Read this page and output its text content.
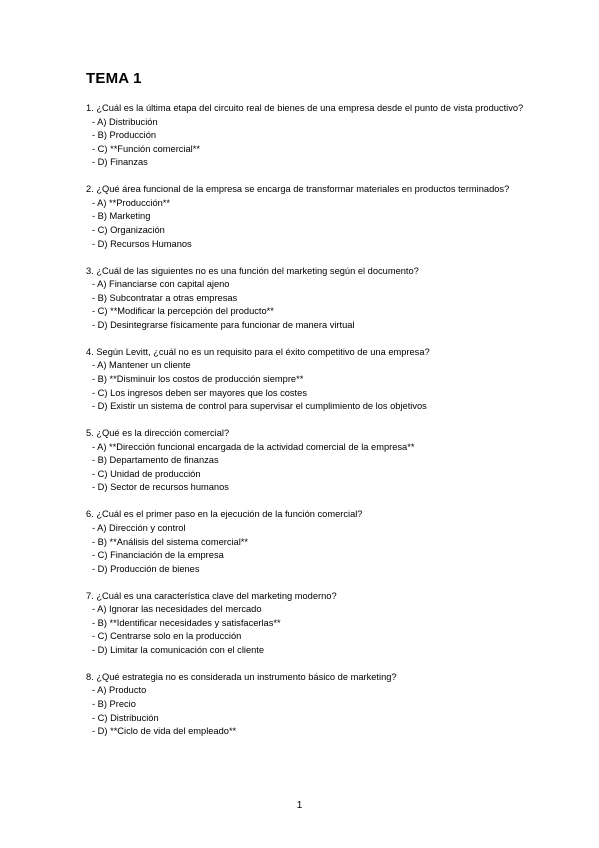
TEMA 1

1. ¿Cuál es la última etapa del circuito real de bienes de una empresa desde el punto de vista productivo?

- A) Distribución

- B) Producción

- C) **Función comercial**

- D) Finanzas

2. ¿Qué área funcional de la empresa se encarga de transformar materiales en productos terminados?

- A) **Producción**

- B) Marketing

- C) Organización

- D) Recursos Humanos

3. ¿Cuál de las siguientes no es una función del marketing según el documento?

- A) Financiarse con capital ajeno

- B) Subcontratar a otras empresas

- C) **Modificar la percepción del producto**

- D) Desintegrarse físicamente para funcionar de manera virtual

4. Según Levitt, ¿cuál no es un requisito para el éxito competitivo de una empresa?

- A) Mantener un cliente

- B) **Disminuir los costos de producción siempre**

- C) Los ingresos deben ser mayores que los costes

- D) Existir un sistema de control para supervisar el cumplimiento de los objetivos

5. ¿Qué es la dirección comercial?

- A) **Dirección funcional encargada de la actividad comercial de la empresa**

- B) Departamento de finanzas

- C) Unidad de producción

- D) Sector de recursos humanos

6. ¿Cuál es el primer paso en la ejecución de la función comercial?

- A) Dirección y control

- B) **Análisis del sistema comercial**

- C) Financiación de la empresa

- D) Producción de bienes

7. ¿Cuál es una característica clave del marketing moderno?

- A) Ignorar las necesidades del mercado

- B) **Identificar necesidades y satisfacerlas**

- C) Centrarse solo en la producción

- D) Limitar la comunicación con el cliente

8. ¿Qué estrategia no es considerada un instrumento básico de marketing?

- A) Producto

- B) Precio

- C) Distribución

- D) **Ciclo de vida del empleado**

1
